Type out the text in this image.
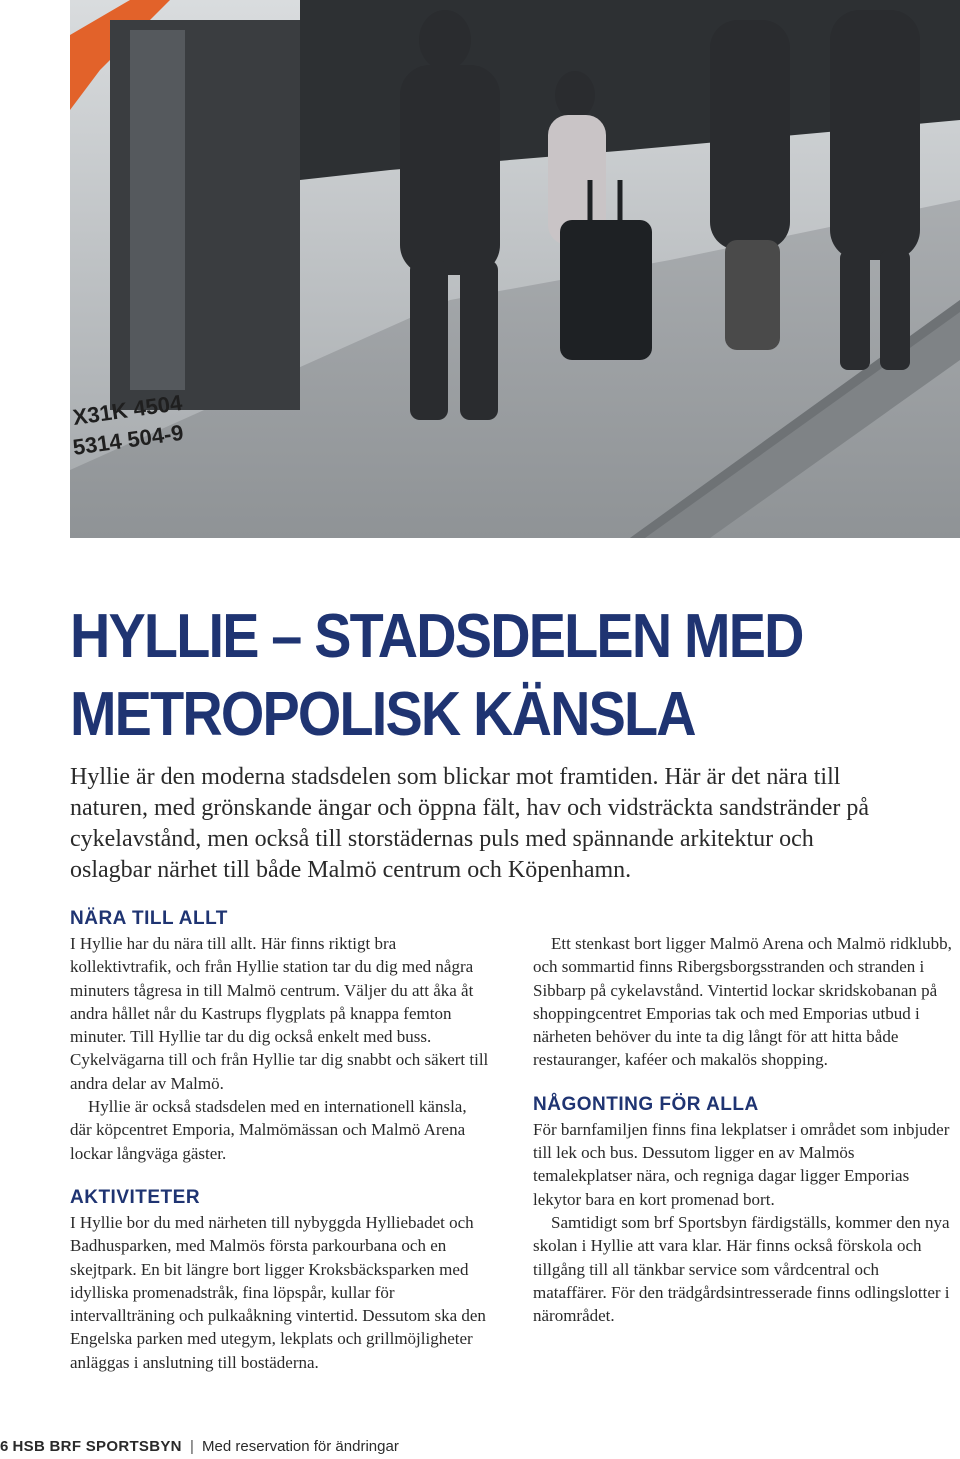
X31K 4504
5314 504-9
HYLLIE – STADSDELEN MED
METROPOLISK KÄNSLA

Hyllie är den moderna stadsdelen som blickar mot framtiden. Här är det nära till naturen, med grönskande ängar och öppna fält, hav och vidsträckta sandstränder på cykelavstånd, men också till storstädernas puls med spännande arkitektur och oslagbar närhet till både Malmö centrum och Köpenhamn.

NÄRA TILL ALLT

I Hyllie har du nära till allt. Här finns riktigt bra kollektivtrafik, och från Hyllie station tar du dig med några minuters tågresa in till Malmö centrum. Väljer du att åka åt andra hållet når du Kastrups flygplats på knappa femton minuter. Till Hyllie tar du dig också enkelt med buss. Cykelvägarna till och från Hyllie tar dig snabbt och säkert till andra delar av Malmö.

Hyllie är också stadsdelen med en internationell känsla, där köpcentret Emporia, Malmömässan och Malmö Arena lockar långväga gäster.

AKTIVITETER

I Hyllie bor du med närheten till nybyggda Hylliebadet och Badhusparken, med Malmös första parkourbana och en skejtpark. En bit längre bort ligger Kroksbäcksparken med idylliska promenadstråk, fina löpspår, kullar för intervallträning och pulkaåkning vintertid. Dessutom ska den Engelska parken med utegym, lekplats och grillmöjligheter anläggas i anslutning till bostäderna.

Ett stenkast bort ligger Malmö Arena och Malmö ridklubb, och sommartid finns Ribergsborgsstranden och stranden i Sibbarp på cykelavstånd. Vintertid lockar skridskobanan på shoppingcentret Emporias tak och med Emporias utbud i närheten behöver du inte ta dig långt för att hitta både restauranger, kaféer och makalös shopping.

NÅGONTING FÖR ALLA

För barnfamiljen finns fina lekplatser i området som inbjuder till lek och bus. Dessutom ligger en av Malmös temalekplatser nära, och regniga dagar ligger Emporias lekytor bara en kort promenad bort.

Samtidigt som brf Sportsbyn färdigställs, kommer den nya skolan i Hyllie att vara klar. Här finns också förskola och tillgång till all tänkbar service som vårdcentral och mataffärer. För den trädgårdsintresserade finns odlingslotter i närområdet.

6 HSB BRF SPORTSBYN | Med reservation för ändringar
